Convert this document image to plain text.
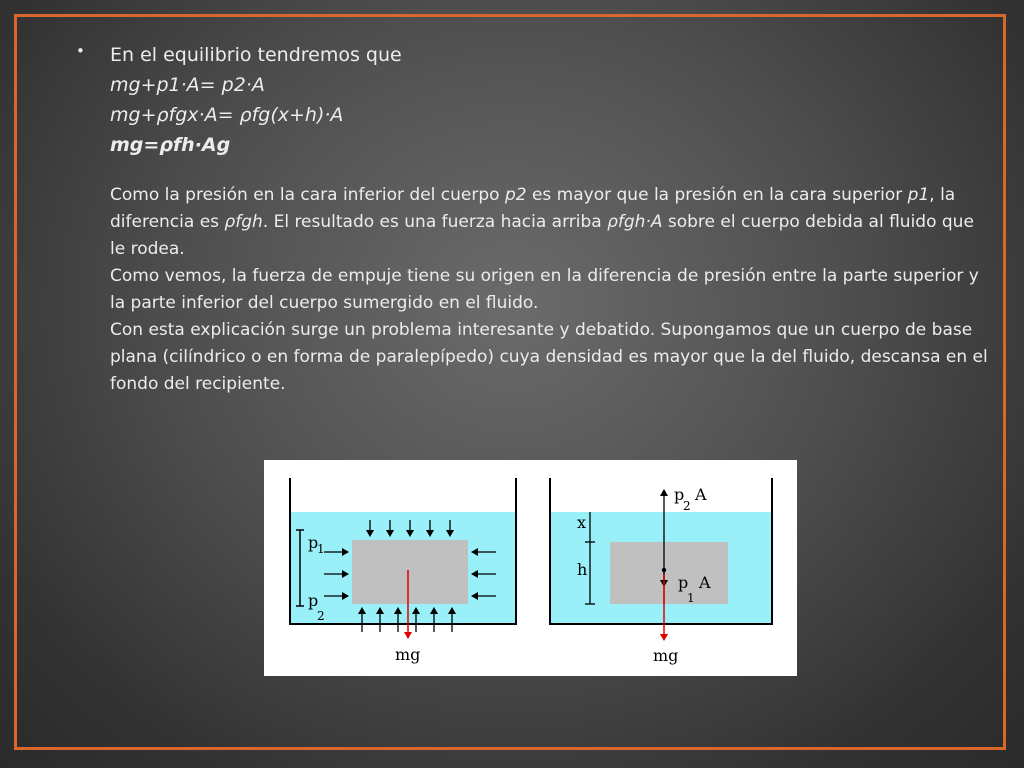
• En el equilibrio tendremos que
mg+p1·A= p2·A
mg+ρfgx·A= ρfg(x+h)·A
mg=ρfh·Ag

Como la presión en la cara inferior del cuerpo p2 es mayor que la presión en la cara superior p1, la diferencia es ρfgh. El resultado es una fuerza hacia arriba ρfgh·A sobre el cuerpo debida al fluido que le rodea.

Como vemos, la fuerza de empuje tiene su origen en la diferencia de presión entre la parte superior y la parte inferior del cuerpo sumergido en el fluido.

Con esta explicación surge un problema interesante y debatido. Supongamos que un cuerpo de base plana (cilíndrico o en forma de paralepípedo) cuya densidad es mayor que la del fluido, descansa en el fondo del recipiente.

p
1
p
2
mg
x
h
p
2
A
p
1
A
mg
